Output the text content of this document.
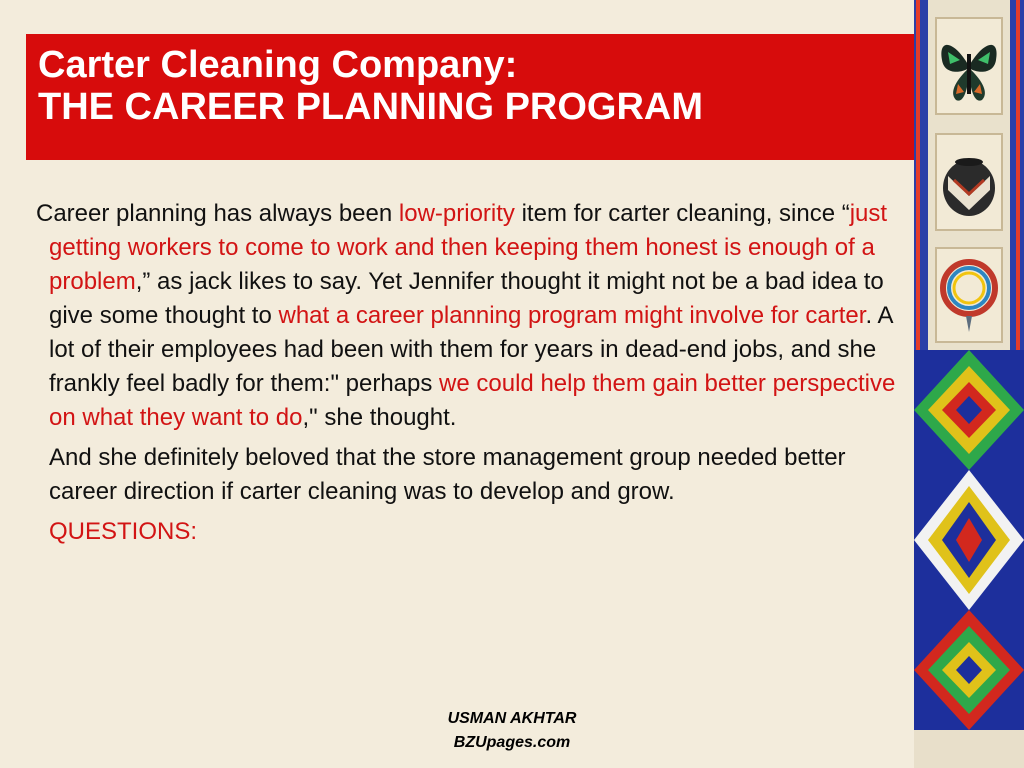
Carter Cleaning Company:
THE CAREER PLANNING PROGRAM

Career planning has always been low-priority item for carter cleaning, since “just getting workers to come to work and then keeping them honest is enough of a problem,” as jack likes to say. Yet Jennifer thought it might not be a bad idea to give some thought to what a career planning program might involve for carter. A lot of their employees had been with them for years in dead-end jobs, and she frankly feel badly for them:" perhaps we could help them gain better perspective on what they want to do," she thought.

And she definitely beloved that the store management group needed better career direction if carter cleaning was to develop and grow.

QUESTIONS:

USMAN AKHTAR
BZUpages.com
